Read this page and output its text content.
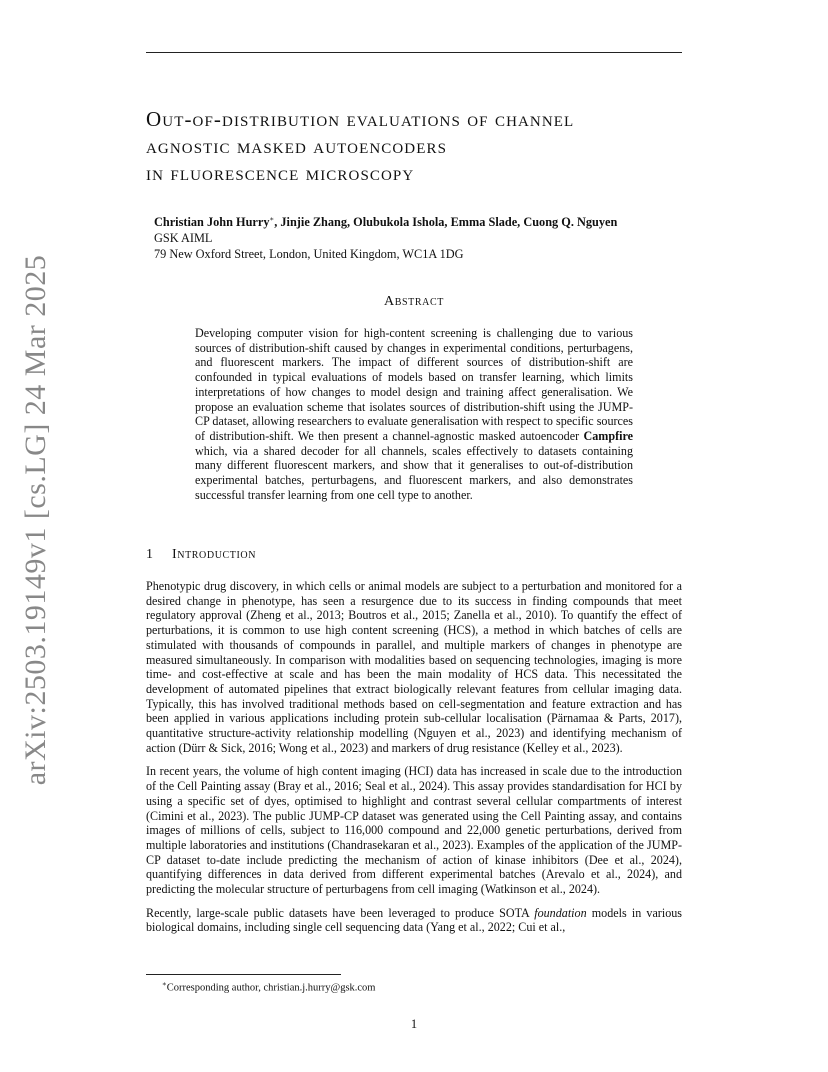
arXiv:2503.19149v1 [cs.LG] 24 Mar 2025
Out-of-distribution evaluations of channel
agnostic masked autoencoders
in fluorescence microscopy
Christian John Hurry∗, Jinjie Zhang, Olubukola Ishola, Emma Slade, Cuong Q. Nguyen
GSK AIML
79 New Oxford Street, London, United Kingdom, WC1A 1DG
Abstract
Developing computer vision for high-content screening is challenging due to various sources of distribution-shift caused by changes in experimental conditions, perturbagens, and fluorescent markers. The impact of different sources of distribution-shift are confounded in typical evaluations of models based on transfer learning, which limits interpretations of how changes to model design and training affect generalisation. We propose an evaluation scheme that isolates sources of distribution-shift using the JUMP-CP dataset, allowing researchers to evaluate generalisation with respect to specific sources of distribution-shift. We then present a channel-agnostic masked autoencoder Campfire which, via a shared decoder for all channels, scales effectively to datasets containing many different fluorescent markers, and show that it generalises to out-of-distribution experimental batches, perturbagens, and fluorescent markers, and also demonstrates successful transfer learning from one cell type to another.
1 Introduction

Phenotypic drug discovery, in which cells or animal models are subject to a perturbation and monitored for a desired change in phenotype, has seen a resurgence due to its success in finding compounds that meet regulatory approval (Zheng et al., 2013; Boutros et al., 2015; Zanella et al., 2010). To quantify the effect of perturbations, it is common to use high content screening (HCS), a method in which batches of cells are stimulated with thousands of compounds in parallel, and multiple markers of changes in phenotype are measured simultaneously. In comparison with modalities based on sequencing technologies, imaging is more time- and cost-effective at scale and has been the main modality of HCS data. This necessitated the development of automated pipelines that extract biologically relevant features from cellular imaging data. Typically, this has involved traditional methods based on cell-segmentation and feature extraction and has been applied in various applications including protein sub-cellular localisation (Pärnamaa & Parts, 2017), quantitative structure-activity relationship modelling (Nguyen et al., 2023) and identifying mechanism of action (Dürr & Sick, 2016; Wong et al., 2023) and markers of drug resistance (Kelley et al., 2023).

In recent years, the volume of high content imaging (HCI) data has increased in scale due to the introduction of the Cell Painting assay (Bray et al., 2016; Seal et al., 2024). This assay provides standardisation for HCI by using a specific set of dyes, optimised to highlight and contrast several cellular compartments of interest (Cimini et al., 2023). The public JUMP-CP dataset was generated using the Cell Painting assay, and contains images of millions of cells, subject to 116,000 compound and 22,000 genetic perturbations, derived from multiple laboratories and institutions (Chandrasekaran et al., 2023). Examples of the application of the JUMP-CP dataset to-date include predicting the mechanism of action of kinase inhibitors (Dee et al., 2024), quantifying differences in data derived from different experimental batches (Arevalo et al., 2024), and predicting the molecular structure of perturbagens from cell imaging (Watkinson et al., 2024).

Recently, large-scale public datasets have been leveraged to produce SOTA foundation models in various biological domains, including single cell sequencing data (Yang et al., 2022; Cui et al.,

∗Corresponding author, christian.j.hurry@gsk.com
1
